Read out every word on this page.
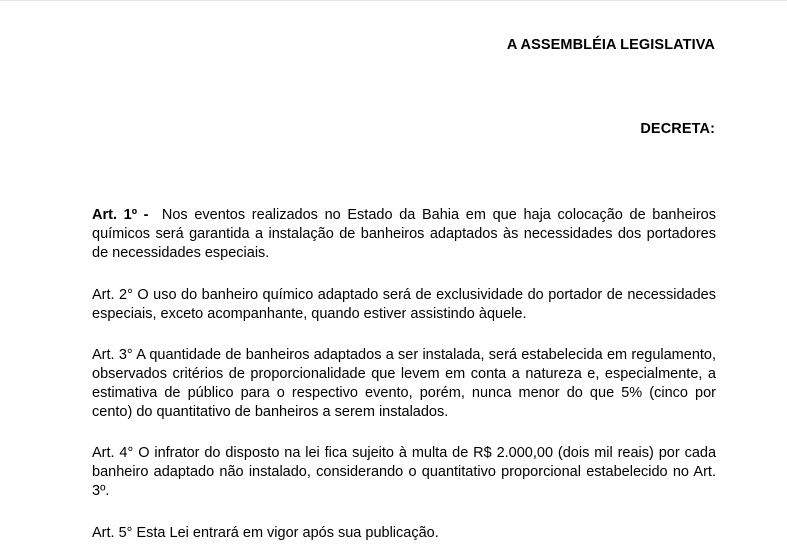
A ASSEMBLÉIA LEGISLATIVA
DECRETA:
Art. 1º - Nos eventos realizados no Estado da Bahia em que haja colocação de banheiros químicos será garantida a instalação de banheiros adaptados às necessidades dos portadores de necessidades especiais.
Art. 2° O uso do banheiro químico adaptado será de exclusividade do portador de necessidades especiais, exceto acompanhante, quando estiver assistindo àquele.
Art. 3° A quantidade de banheiros adaptados a ser instalada, será estabelecida em regulamento, observados critérios de proporcionalidade que levem em conta a natureza e, especialmente, a estimativa de público para o respectivo evento, porém, nunca menor do que 5% (cinco por cento) do quantitativo de banheiros a serem instalados.
Art. 4° O infrator do disposto na lei fica sujeito à multa de R$ 2.000,00 (dois mil reais) por cada banheiro adaptado não instalado, considerando o quantitativo proporcional estabelecido no Art. 3º.
Art. 5° Esta Lei entrará em vigor após sua publicação.
